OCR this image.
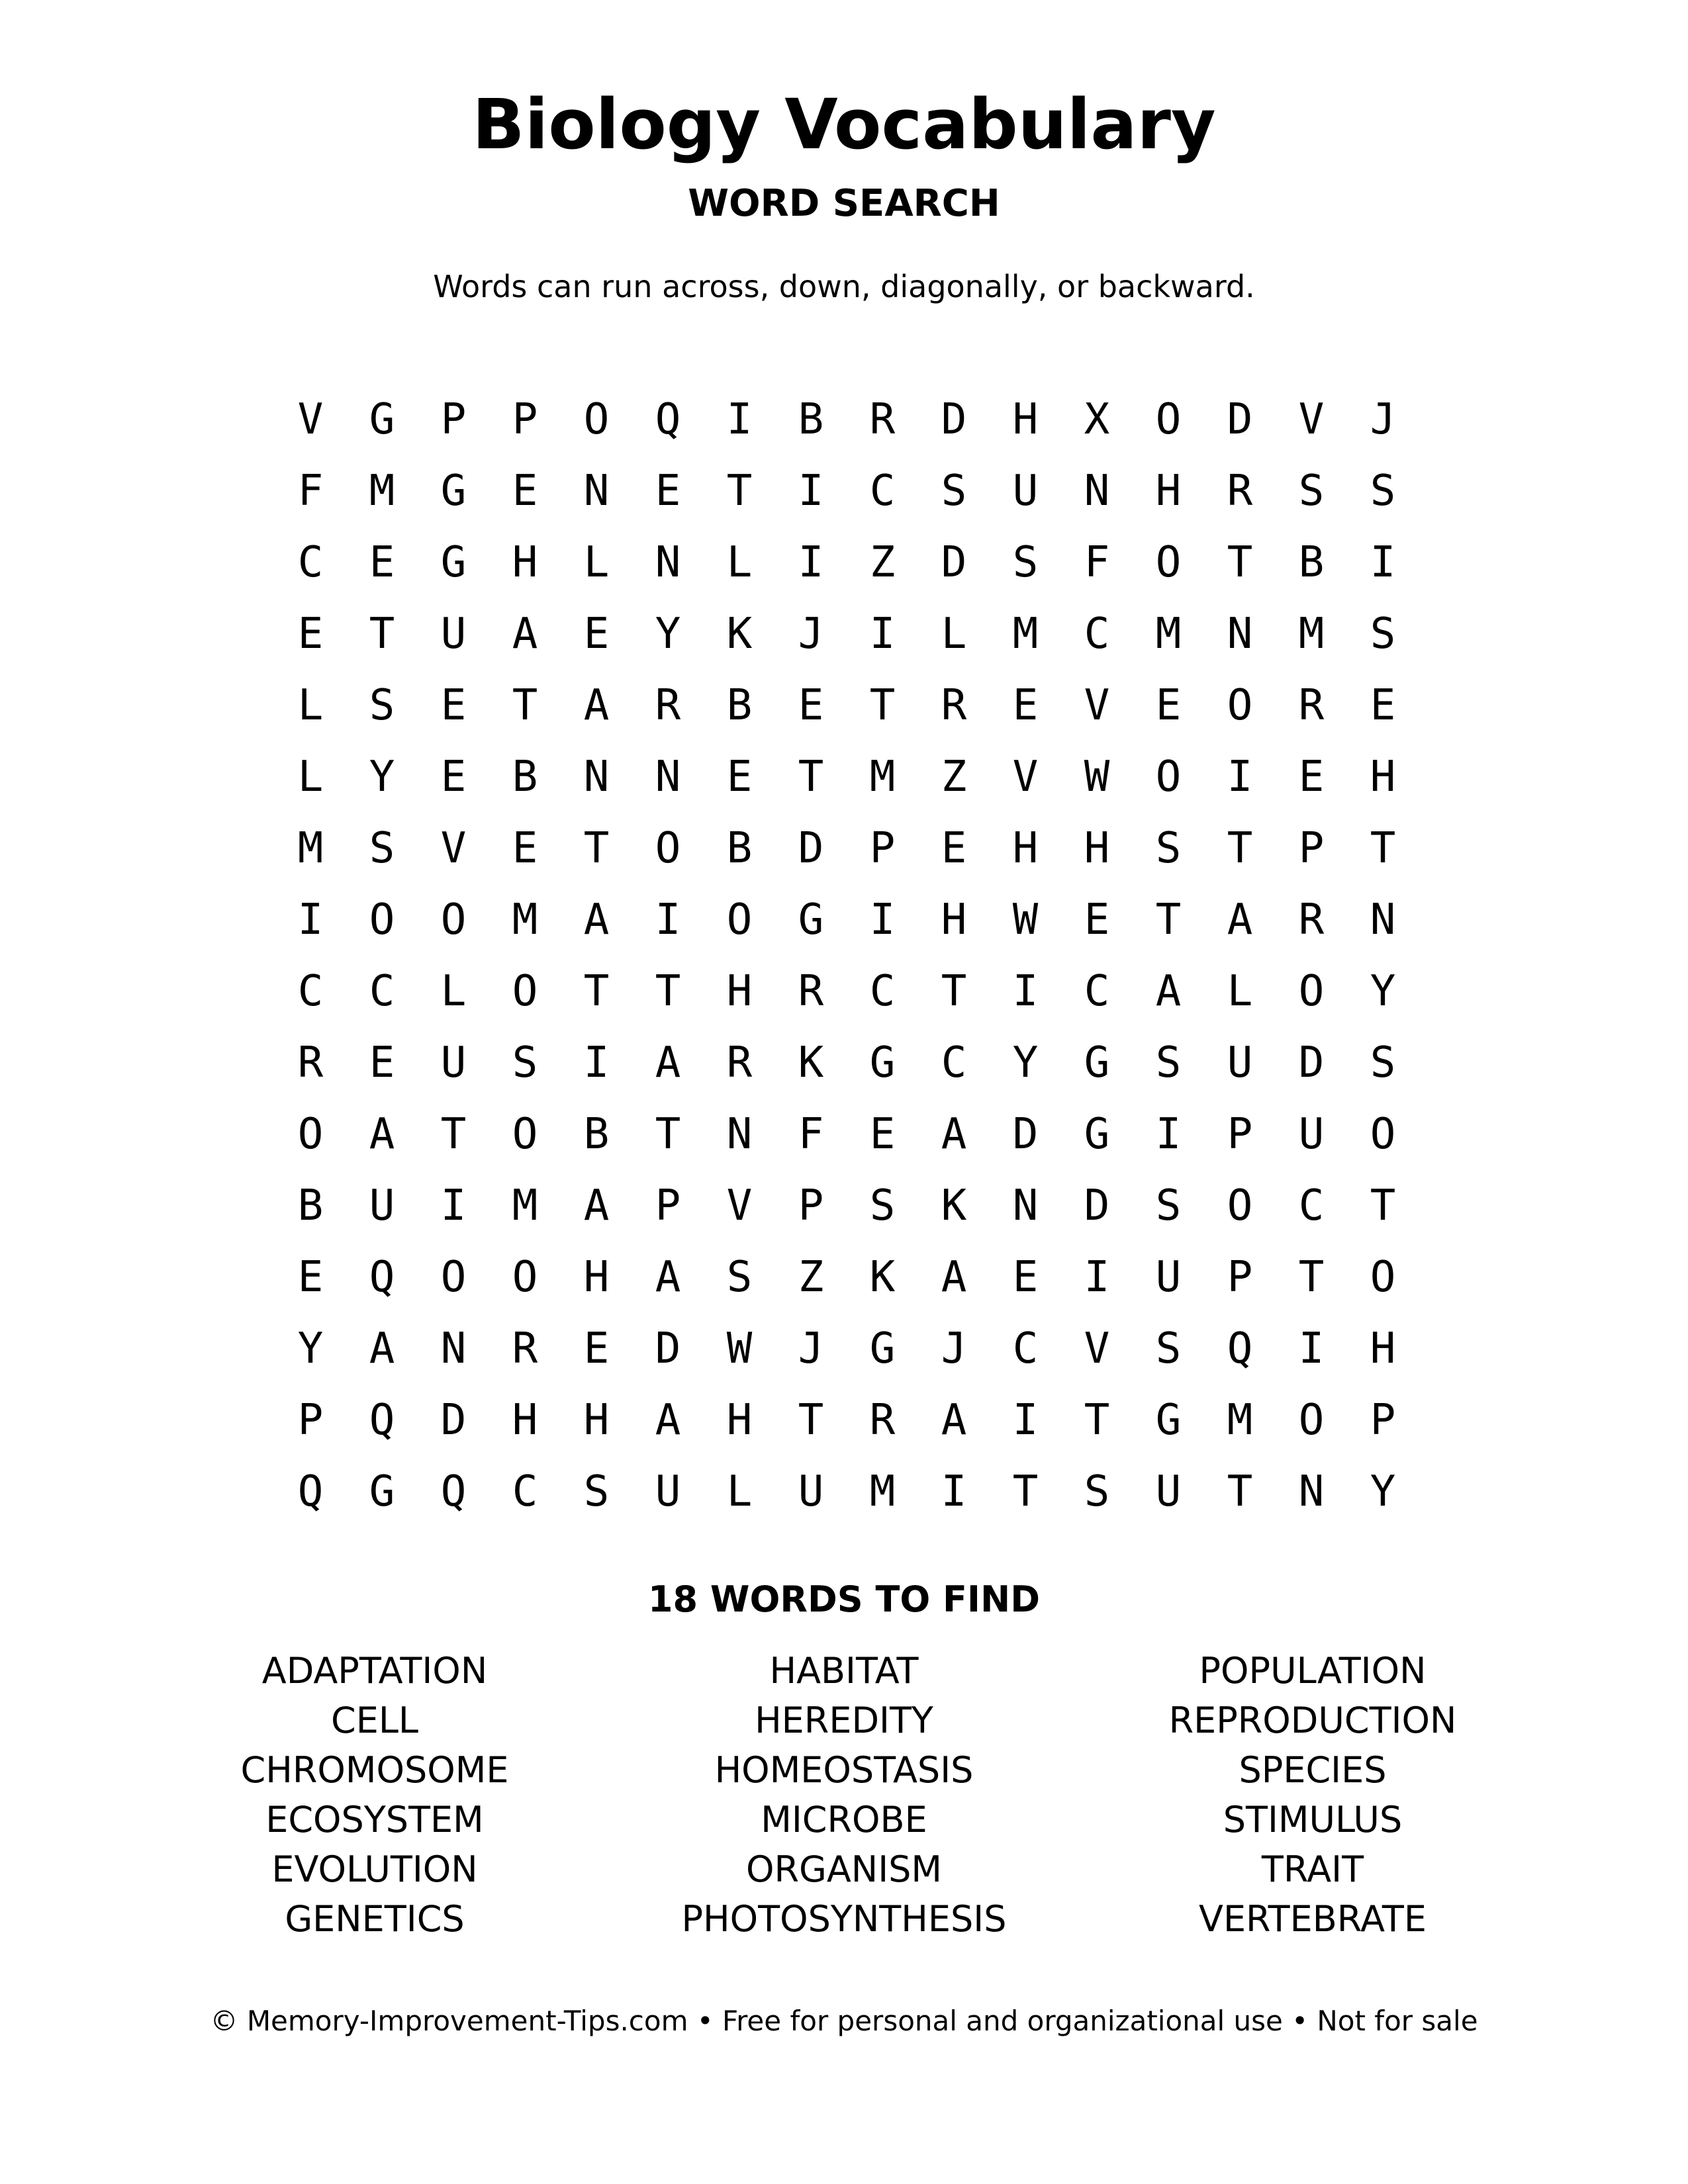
Biology Vocabulary
WORD SEARCH
Words can run across, down, diagonally, or backward.
V	G	P	P	O	Q	I	B	R	D	H	X	O	D	V	J
F	M	G	E	N	E	T	I	C	S	U	N	H	R	S	S
C	E	G	H	L	N	L	I	Z	D	S	F	O	T	B	I
E	T	U	A	E	Y	K	J	I	L	M	C	M	N	M	S
L	S	E	T	A	R	B	E	T	R	E	V	E	O	R	E
L	Y	E	B	N	N	E	T	M	Z	V	W	O	I	E	H
M	S	V	E	T	O	B	D	P	E	H	H	S	T	P	T
I	O	O	M	A	I	O	G	I	H	W	E	T	A	R	N
C	C	L	O	T	T	H	R	C	T	I	C	A	L	O	Y
R	E	U	S	I	A	R	K	G	C	Y	G	S	U	D	S
O	A	T	O	B	T	N	F	E	A	D	G	I	P	U	O
B	U	I	M	A	P	V	P	S	K	N	D	S	O	C	T
E	Q	O	O	H	A	S	Z	K	A	E	I	U	P	T	O
Y	A	N	R	E	D	W	J	G	J	C	V	S	Q	I	H
P	Q	D	H	H	A	H	T	R	A	I	T	G	M	O	P
Q	G	Q	C	S	U	L	U	M	I	T	S	U	T	N	Y
18 WORDS TO FIND
ADAPTATION
CELL
CHROMOSOME
ECOSYSTEM
EVOLUTION
GENETICS
HABITAT
HEREDITY
HOMEOSTASIS
MICROBE
ORGANISM
PHOTOSYNTHESIS
POPULATION
REPRODUCTION
SPECIES
STIMULUS
TRAIT
VERTEBRATE
© Memory-Improvement-Tips.com • Free for personal and organizational use • Not for sale
